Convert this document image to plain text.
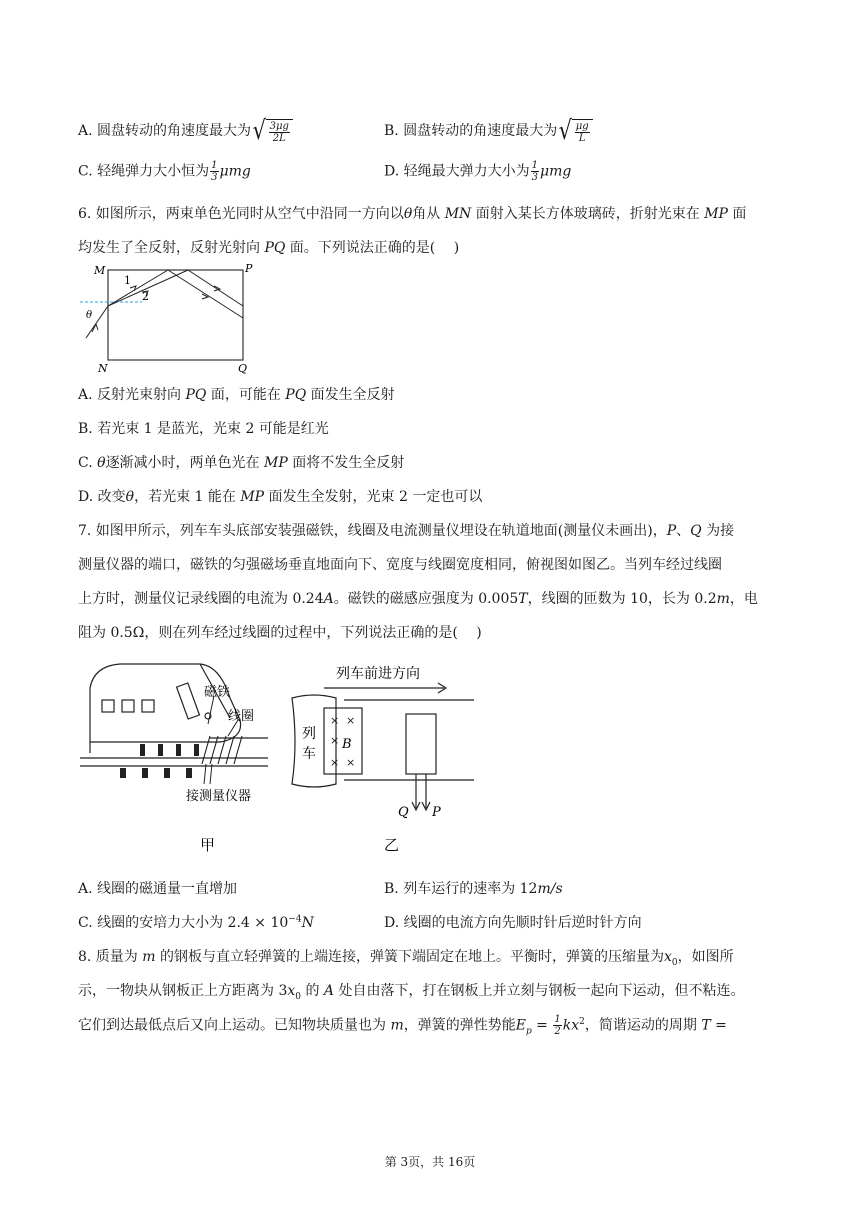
A. 圆盘转动的角速度最大为√ $\frac{3\mu g}{2L}$	B. 圆盘转动的角速度最大为√ $\frac{\mu g}{L}$
C. 轻绳弹力大小恒为 $\frac{1}{3}$ μmg	D. 轻绳最大弹力大小为 $\frac{1}{3}$ μmg
6. 如图所示，两束单色光同时从空气中沿同一方向以θ角从 MN 面射入某长方体玻璃砖，折射光束在 MP 面
均发生了全反射，反射光射向 PQ 面。下列说法正确的是(　 )
M	P
N	Q
1
2
θ
A. 反射光束射向 PQ 面，可能在 PQ 面发生全反射
B. 若光束 1 是蓝光，光束 2 可能是红光
C. θ逐渐减小时，两单色光在 MP 面将不发生全反射
D. 改变θ，若光束 1 能在 MP 面发生全发射，光束 2 一定也可以
7. 如图甲所示，列车车头底部安装强磁铁，线圈及电流测量仪埋设在轨道地面(测量仪未画出)，P、Q 为接
测量仪器的端口，磁铁的匀强磁场垂直地面向下、宽度与线圈宽度相同，俯视图如图乙。当列车经过线圈
上方时，测量仪记录线圈的电流为 0.24A。磁铁的磁感应强度为 0.005T，线圈的匝数为 10，长为 0.2m，电
阻为 0.5Ω，则在列车经过线圈的过程中，下列说法正确的是(　 )
磁铁
线圈
接测量仪器
甲
× ×
×
× ×
B
列车前进方向
列
车
Q P
乙
A. 线圈的磁通量一直增加	B. 列车运行的速率为 12m/s
C. 线圈的安培力大小为 $2.4 \times 10^{-4}N$	D. 线圈的电流方向先顺时针后逆时针方向
8. 质量为 m 的钢板与直立轻弹簧的上端连接，弹簧下端固定在地上。平衡时，弹簧的压缩量为$x_0$，如图所
示，一物块从钢板正上方距离为 $3x_0$ 的 A 处自由落下，打在钢板上并立刻与钢板一起向下运动，但不粘连。
它们到达最低点后又向上运动。已知物块质量也为 m，弹簧的弹性势能$E_p = \frac{1}{2} kx^2$，简谐运动的周期 T =
第 3页，共 16页
